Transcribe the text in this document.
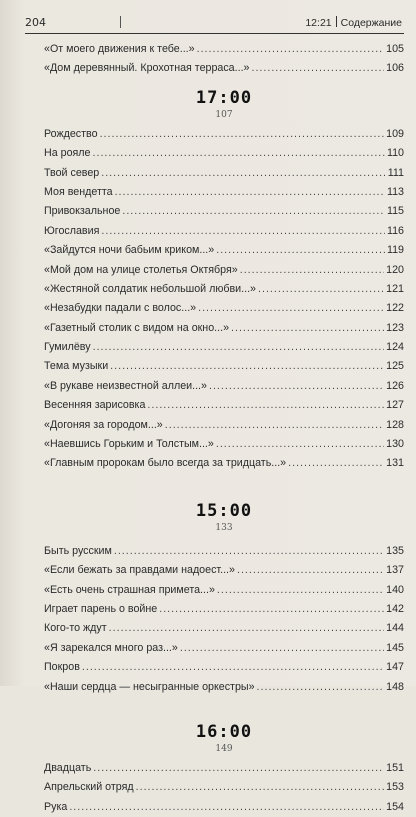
204	12:21 Содержание
«От моего движения к тебе...» .....	105
«Дом деревянный. Крохотная терраса...» .....	106
17:00
107
Рождество .....	109
На рояле .....	110
Твой север .....	111
Моя вендетта .....	113
Привокзальное .....	115
Югославия .....	116
«Зайдутся ночи бабьим криком...» .....	119
«Мой дом на улице столетья Октября» .....	120
«Жестяной солдатик небольшой любви...» .....	121
«Незабудки падали с волос...» .....	122
«Газетный столик с видом на окно...» .....	123
Гумилёву .....	124
Тема музыки .....	125
«В рукаве неизвестной аллеи...» .....	126
Весенняя зарисовка .....	127
«Догоняя за городом...» .....	128
«Наевшись Горьким и Толстым...» .....	130
«Главным пророкам было всегда за тридцать...» .....	131
15:00
133
Быть русским .....	135
«Если бежать за правдами надоест...» .....	137
«Есть очень страшная примета...» .....	140
Играет парень о войне .....	142
Кого-то ждут .....	144
«Я зарекался много раз...» .....	145
Покров .....	147
«Наши сердца — несыгранные оркестры» .....	148
16:00
149
Двадцать .....	151
Апрельский отряд .....	153
Рука .....	154
